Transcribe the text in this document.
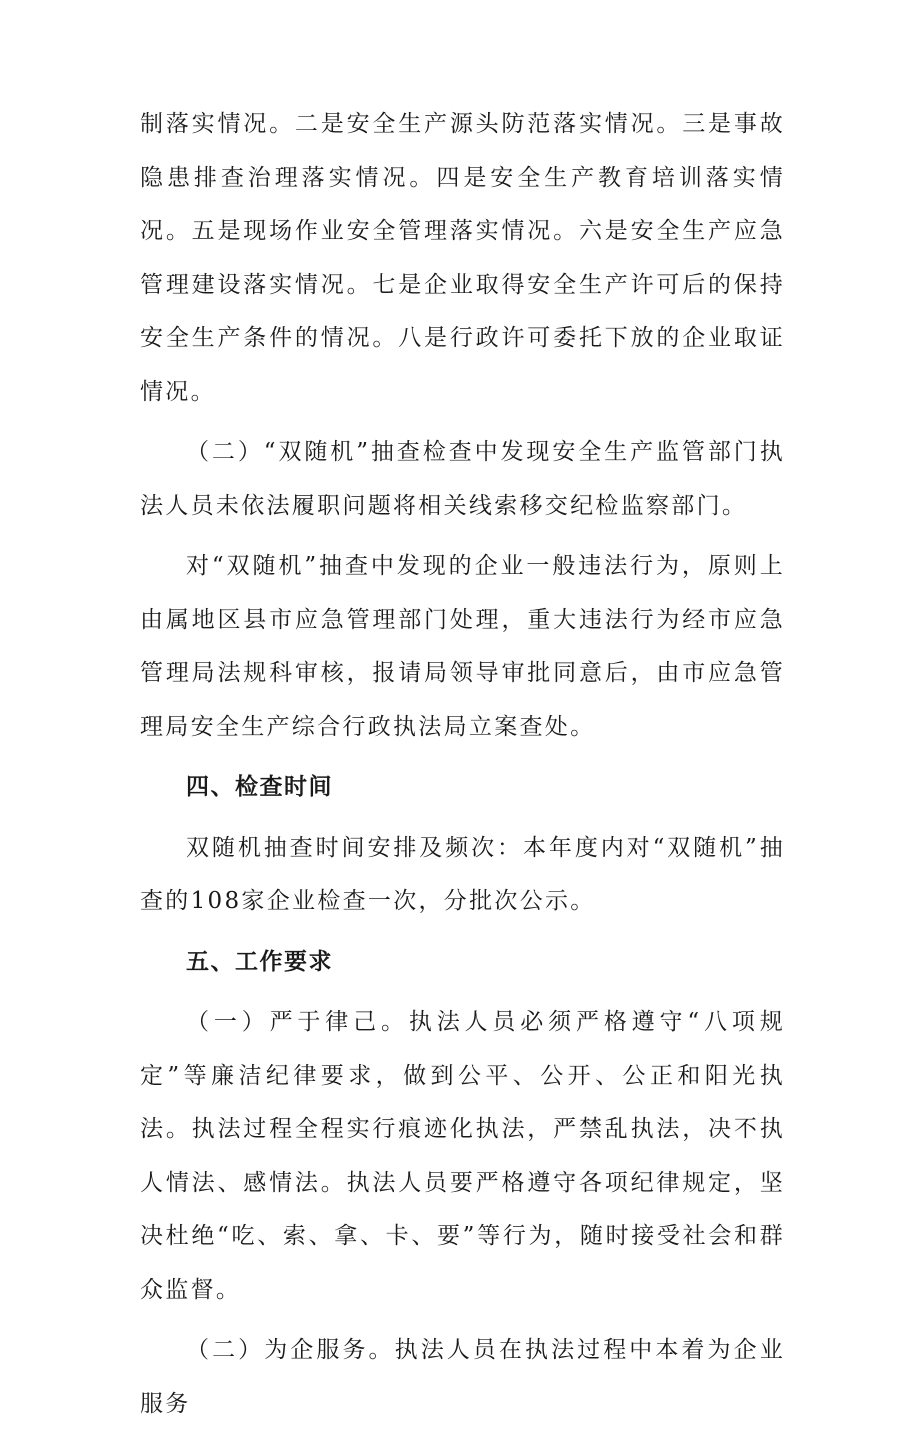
制落实情况。二是安全生产源头防范落实情况。三是事故隐患排查治理落实情况。四是安全生产教育培训落实情况。五是现场作业安全管理落实情况。六是安全生产应急管理建设落实情况。七是企业取得安全生产许可后的保持安全生产条件的情况。八是行政许可委托下放的企业取证情况。

（二）“双随机”抽查检查中发现安全生产监管部门执法人员未依法履职问题将相关线索移交纪检监察部门。

对“双随机”抽查中发现的企业一般违法行为，原则上由属地区县市应急管理部门处理，重大违法行为经市应急管理局法规科审核，报请局领导审批同意后，由市应急管理局安全生产综合行政执法局立案查处。

四、检查时间

双随机抽查时间安排及频次：本年度内对“双随机”抽查的108家企业检查一次，分批次公示。

五、工作要求

（一）严于律己。执法人员必须严格遵守“八项规定”等廉洁纪律要求，做到公平、公开、公正和阳光执法。执法过程全程实行痕迹化执法，严禁乱执法，决不执人情法、感情法。执法人员要严格遵守各项纪律规定，坚决杜绝“吃、索、拿、卡、要”等行为，随时接受社会和群众监督。

（二）为企服务。执法人员在执法过程中本着为企业服务
